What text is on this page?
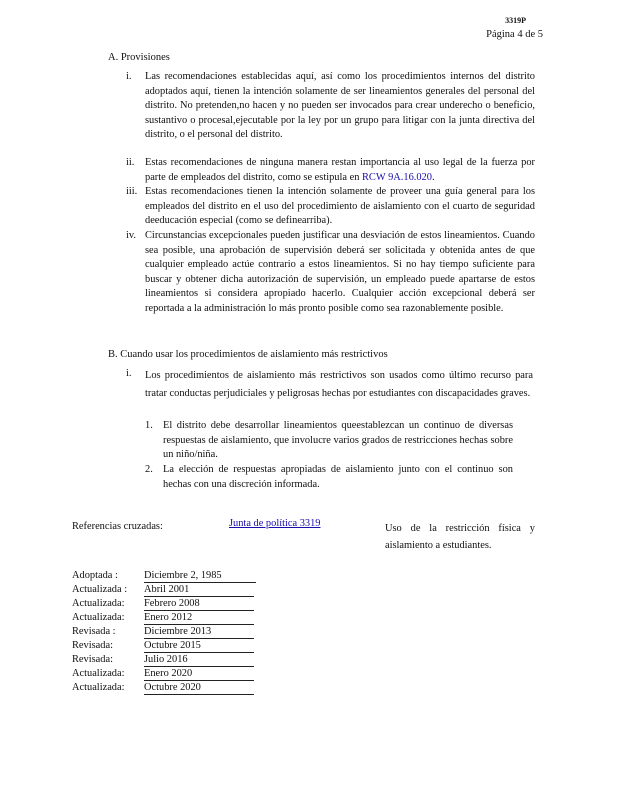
3319P
Página 4 de 5
A. Provisiones
i. Las recomendaciones establecidas aquí, así como los procedimientos internos del distrito adoptados aquí, tienen la intención solamente de ser lineamientos generales del personal del distrito. No pretenden,no hacen y no pueden ser invocados para crear underecho o beneficio, sustantivo o procesal,ejecutable por la ley por un grupo para litigar con la junta directiva del distrito, o el personal del distrito.
ii. Estas recomendaciones de ninguna manera restan importancia al uso legal de la fuerza por parte de empleados del distrito, como se estipula en RCW 9A.16.020.
iii. Estas recomendaciones tienen la intención solamente de proveer una guía general para los empleados del distrito en el uso del procedimiento de aislamiento con el cuarto de seguridad deeducación especial (como se definearriba).
iv. Circunstancias excepcionales pueden justificar una desviación de estos lineamientos. Cuando sea posible, una aprobación de supervisión deberá ser solicitada y obtenida antes de que cualquier empleado actúe contrario a estos lineamientos. Si no hay tiempo suficiente para buscar y obtener dicha autorización de supervisión, un empleado puede apartarse de estos lineamientos si considera apropiado hacerlo. Cualquier acción excepcional deberá ser reportada a la administración lo más pronto posible como sea razonablemente posible.
B. Cuando usar los procedimientos de aislamiento más restrictivos
i. Los procedimientos de aislamiento más restrictivos son usados como último recurso para tratar conductas perjudiciales y peligrosas hechas por estudiantes con discapacidades graves.
1. El distrito debe desarrollar lineamientos queestablezcan un continuo de diversas respuestas de aislamiento, que involucre varios grados de restricciones hechas sobre un niño/niña.
2. La elección de respuestas apropiadas de aislamiento junto con el continuo son hechas con una discreción informada.
Referencias cruzadas:	Junta de política 3319	Uso de la restricción física y aislamiento a estudiantes.
Adoptada :	Diciembre 2, 1985
Actualizada : Abril 2001
Actualizada: Febrero 2008
Actualizada: Enero 2012
Revisada :	Diciembre 2013
Revisada:	Octubre 2015
Revisada:	Julio 2016
Actualizada: Enero 2020
Actualizada: Octubre 2020
